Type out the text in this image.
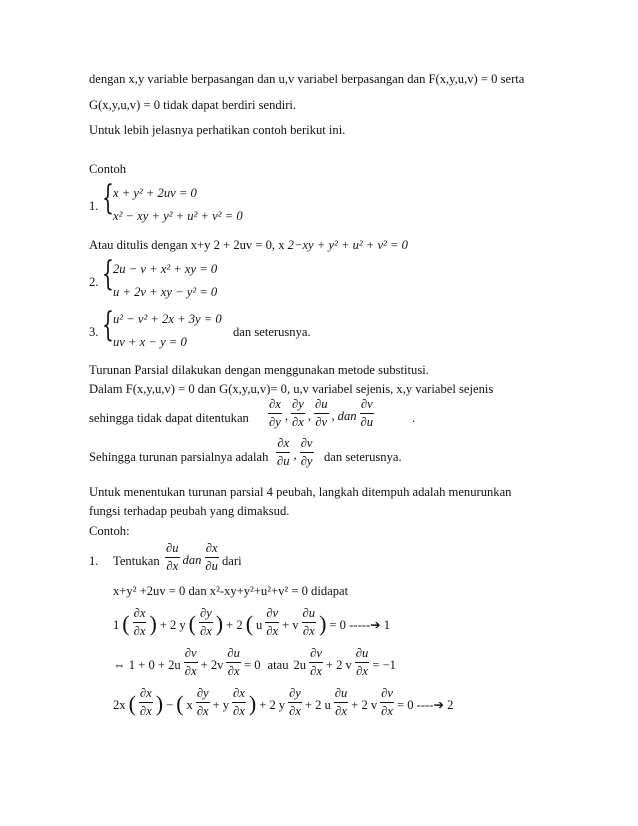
dengan x,y variable berpasangan dan u,v variabel berpasangan dan F(x,y,u,v) = 0 serta
G(x,y,u,v) = 0 tidak dapat berdiri sendiri.
Untuk lebih jelasnya perhatikan contoh berikut ini.
Contoh
1. { x + y² + 2uv = 0
x² − xy + y² + u² + v² = 0
Atau ditulis dengan x+y 2 + 2uv = 0, x 2−xy + y² + u² + v² = 0
2. { 2u − v + x² + xy = 0
u + 2v + xy − y² = 0
3. { u² − v² + 2x + 3y = 0
uv + x − y = 0
dan seterusnya.
Turunan Parsial dilakukan dengan menggunakan metode substitusi.
Dalam F(x,y,u,v) = 0 dan G(x,y,u,v)= 0, u,v variabel sejenis, x,y variabel sejenis
sehingga tidak dapat ditentukan
∂x
∂y ,
∂y
∂x ,
∂u
∂v , dan
∂v
∂u	.
Sehingga turunan parsialnya adalah
∂x
∂u ,
∂v
∂y dan seterusnya.
Untuk menentukan turunan parsial 4 peubah, langkah ditempuh adalah menurunkan
fungsi terhadap peubah yang dimaksud.
Contoh:
1. Tentukan
∂u
∂x dan
∂x
∂u dari
x+y² +2uv = 0 dan x²-xy+y²+u²+v² = 0 didapat
1 ( ∂x
∂x ) + 2 y ( ∂y
∂x ) + 2 ( u
∂v
∂x + v
∂u
∂x ) = 0 -----➔ 1
⇔ 1 + 0 + 2u
∂v
$\partial x + 2v \frac{\partial u}{\partial x} = 0$ atau 2u
∂v
∂x + 2 v $\frac{\partial u}{\partial x} = -1$
2x ( ∂x
∂x ) − ( x
∂y
∂x + y
∂x
∂x ) + 2 y
∂y
∂x + 2 u
∂u
∂x + 2 v $\frac{\partial v}{\partial x} = 0$ ----➔ 2
